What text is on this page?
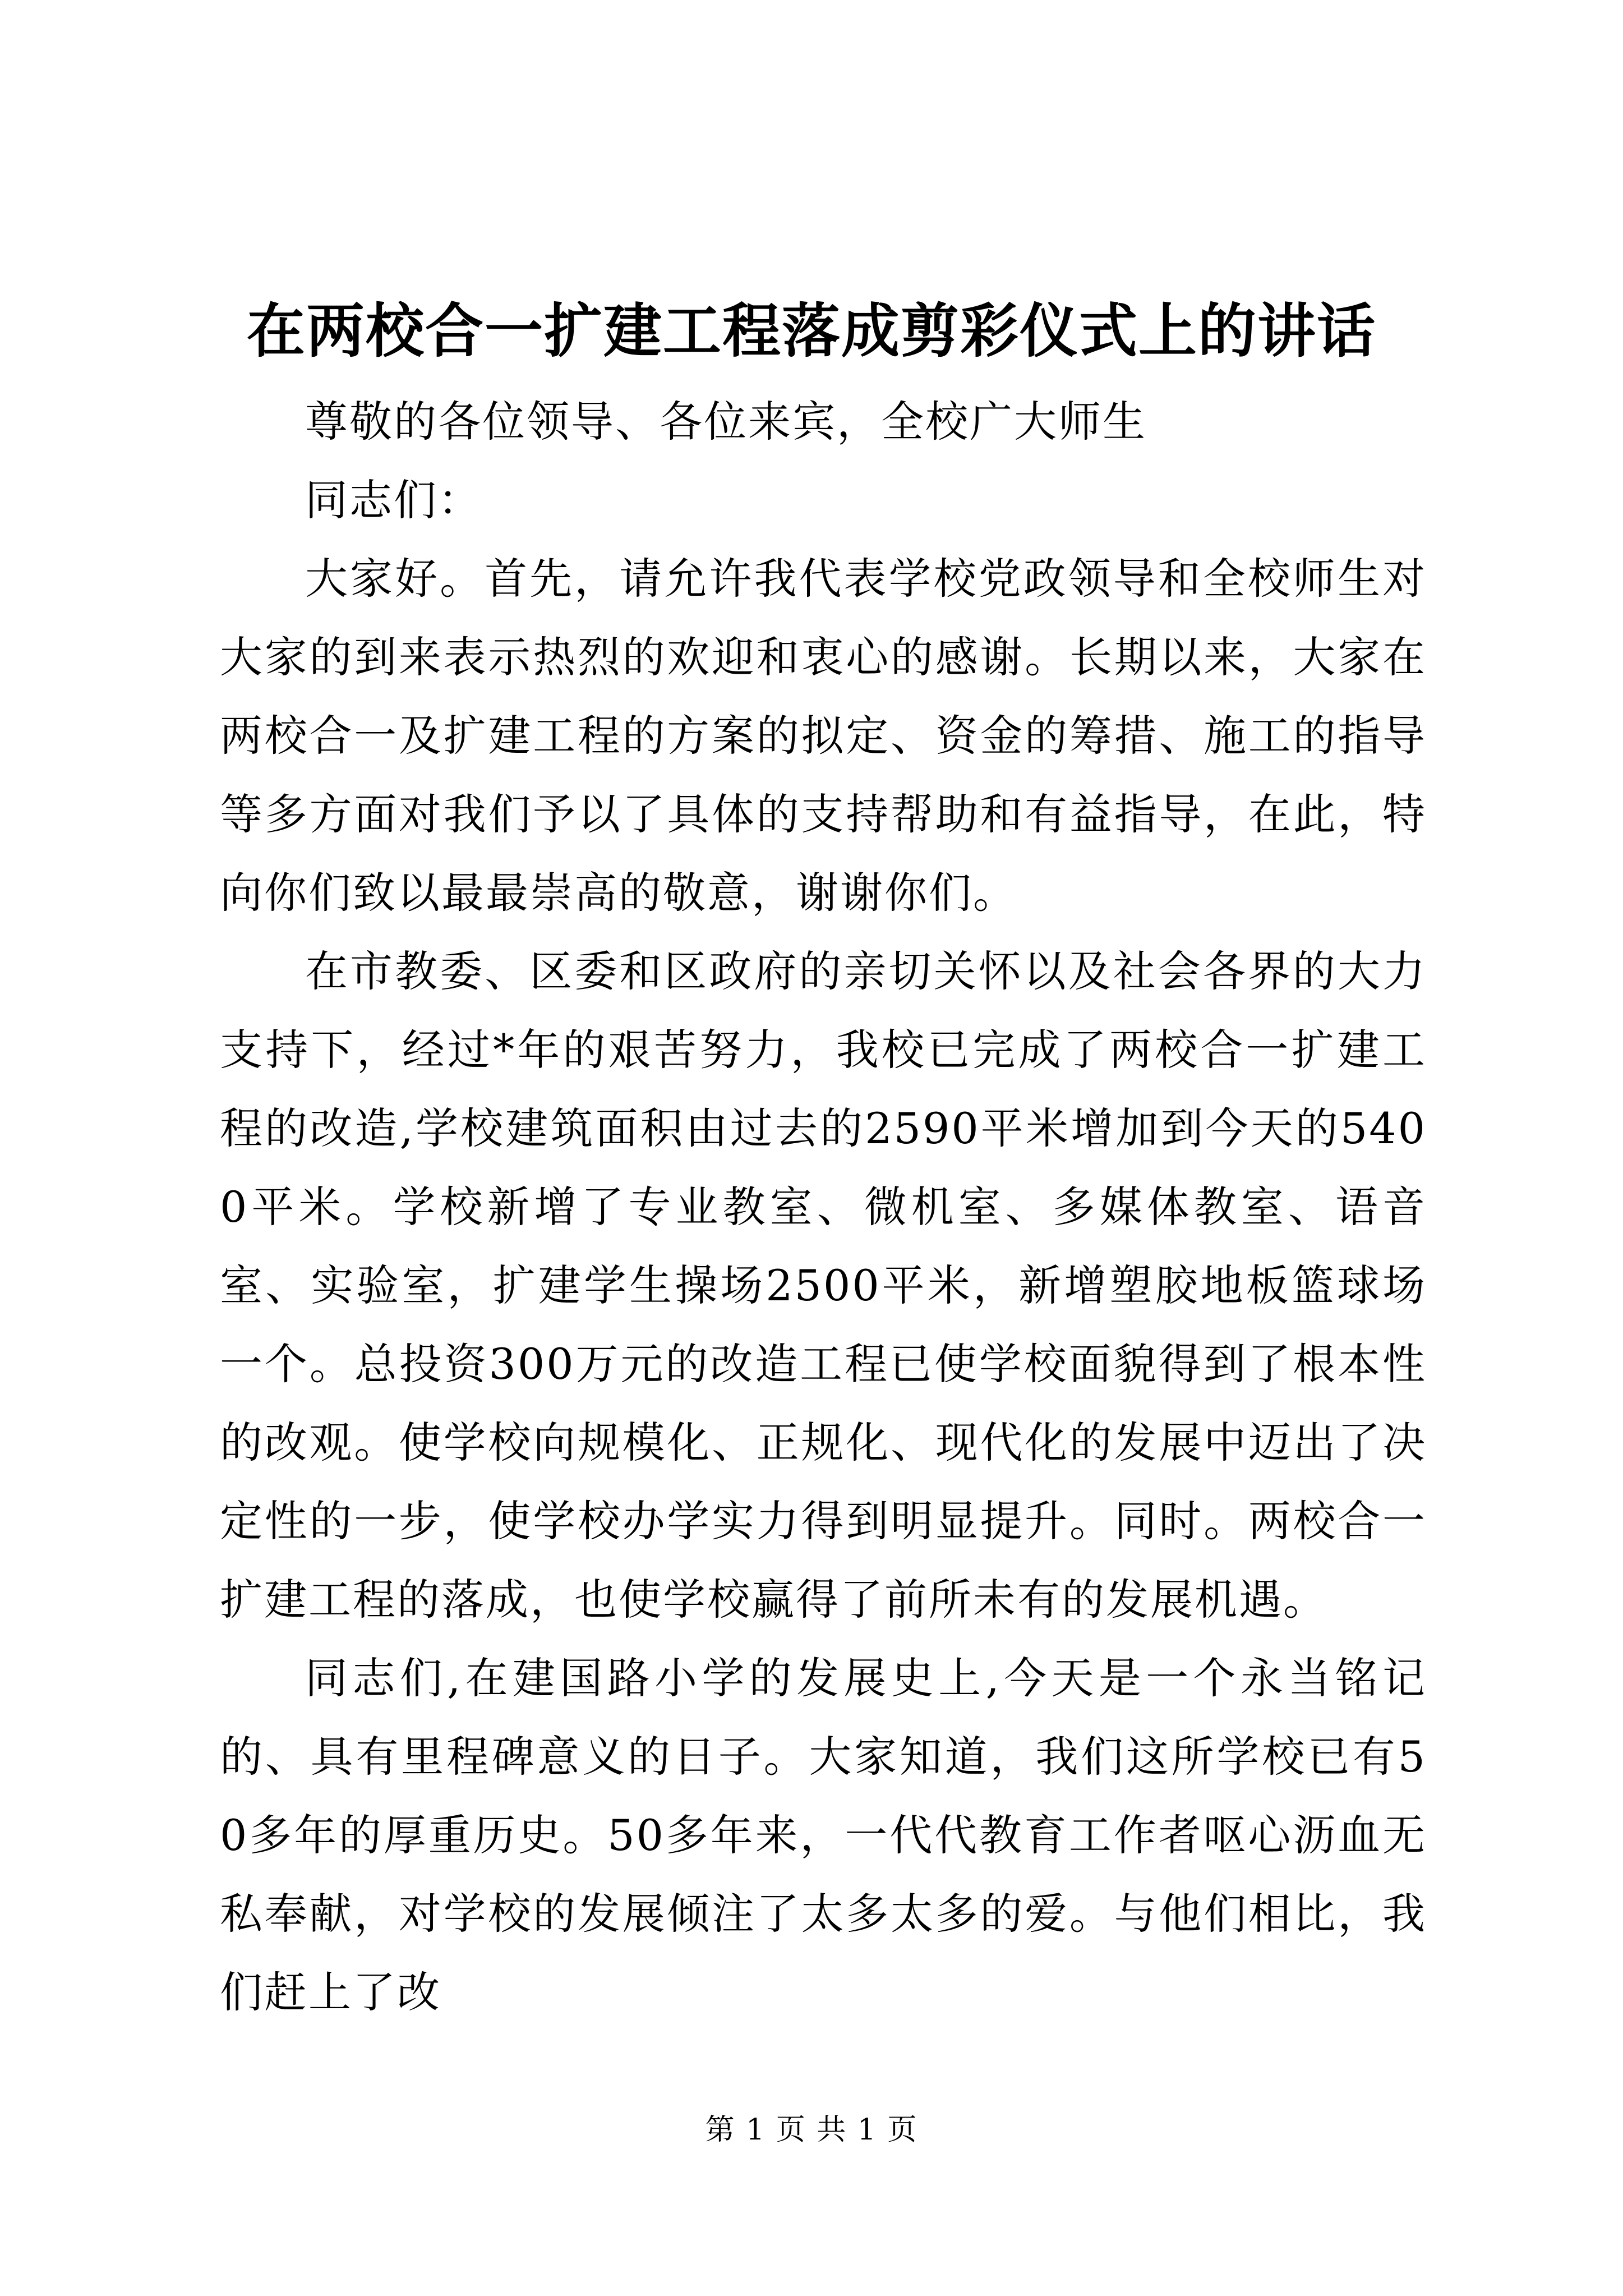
在两校合一扩建工程落成剪彩仪式上的讲话

尊敬的各位领导、各位来宾，全校广大师生

同志们：

大家好。首先，请允许我代表学校党政领导和全校师生对大家的到来表示热烈的欢迎和衷心的感谢。长期以来，大家在两校合一及扩建工程的方案的拟定、资金的筹措、施工的指导等多方面对我们予以了具体的支持帮助和有益指导，在此，特向你们致以最最崇高的敬意，谢谢你们。

在市教委、区委和区政府的亲切关怀以及社会各界的大力支持下，经过*年的艰苦努力，我校已完成了两校合一扩建工程的改造,学校建筑面积由过去的2590平米增加到今天的5400平米。学校新增了专业教室、微机室、多媒体教室、语音室、实验室，扩建学生操场2500平米，新增塑胶地板篮球场一个。总投资300万元的改造工程已使学校面貌得到了根本性的改观。使学校向规模化、正规化、现代化的发展中迈出了决定性的一步，使学校办学实力得到明显提升。同时。两校合一扩建工程的落成，也使学校赢得了前所未有的发展机遇。

同志们,在建国路小学的发展史上,今天是一个永当铭记的、具有里程碑意义的日子。大家知道，我们这所学校已有50多年的厚重历史。50多年来，一代代教育工作者呕心沥血无私奉献，对学校的发展倾注了太多太多的爱。与他们相比，我们赶上了改

第 1 页 共 1 页
